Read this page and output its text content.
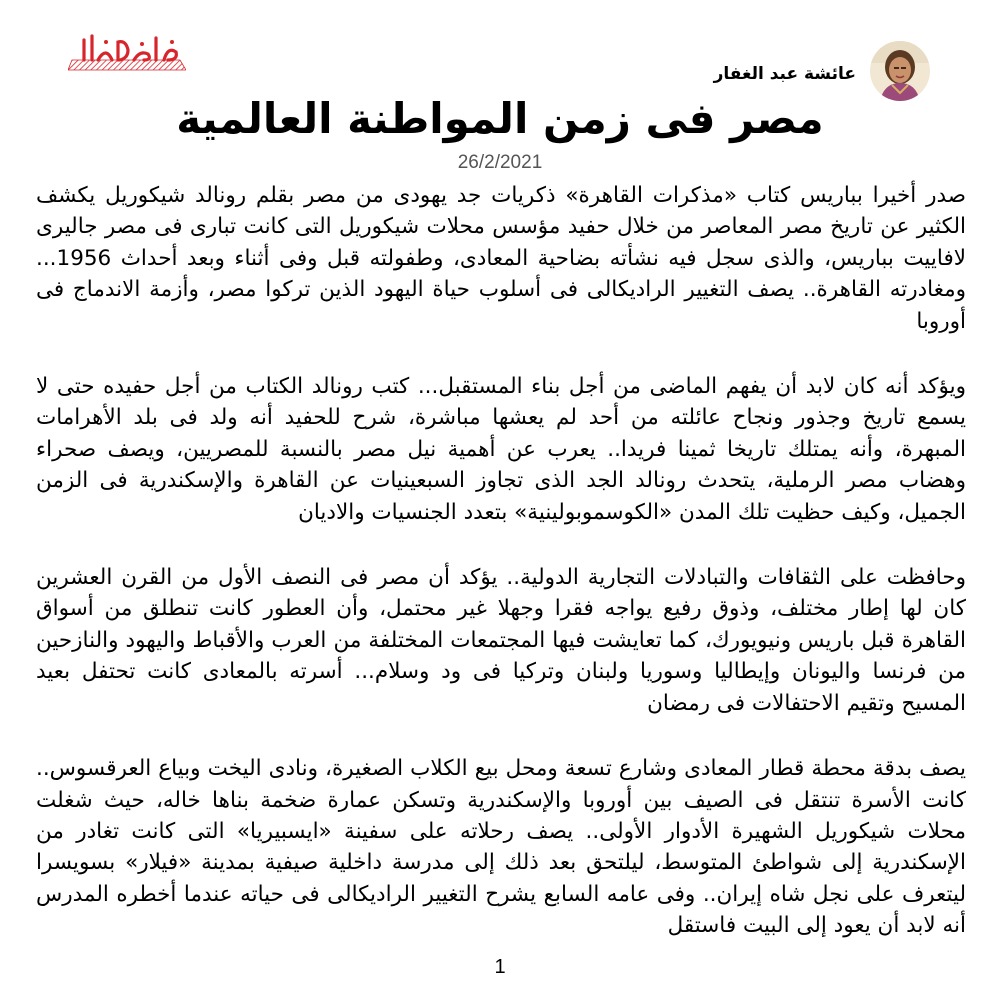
عائشة عبد الغفار
مصر فى زمن المواطنة العالمية
26/2/2021

صدر أخيرا بباريس كتاب «مذكرات القاهرة» ذكريات جد يهودى من مصر بقلم رونالد شيكوريل يكشف الكثير عن تاريخ مصر المعاصر من خلال حفيد مؤسس محلات شيكوريل التى كانت تبارى فى مصر جاليرى لافاييت بباريس، والذى سجل فيه نشأته بضاحية المعادى، وطفولته قبل وفى أثناء وبعد أحداث 1956... ومغادرته القاهرة.. يصف التغيير الراديكالى فى أسلوب حياة اليهود الذين تركوا مصر، وأزمة الاندماج فى أوروبا

ويؤكد أنه كان لابد أن يفهم الماضى من أجل بناء المستقبل... كتب رونالد الكتاب من أجل حفيده حتى لا يسمع تاريخ وجذور ونجاح عائلته من أحد لم يعشها مباشرة، شرح للحفيد أنه ولد فى بلد الأهرامات المبهرة، وأنه يمتلك تاريخا ثمينا فريدا.. يعرب عن أهمية نيل مصر بالنسبة للمصريين، ويصف صحراء وهضاب مصر الرملية، يتحدث رونالد الجد الذى تجاوز السبعينيات عن القاهرة والإسكندرية فى الزمن الجميل، وكيف حظيت تلك المدن «الكوسموبولينية» بتعدد الجنسيات والاديان

وحافظت على الثقافات والتبادلات التجارية الدولية.. يؤكد أن مصر فى النصف الأول من القرن العشرين كان لها إطار مختلف، وذوق رفيع يواجه فقرا وجهلا غير محتمل، وأن العطور كانت تنطلق من أسواق القاهرة قبل باريس ونيويورك، كما تعايشت فيها المجتمعات المختلفة من العرب والأقباط واليهود والنازحين من فرنسا واليونان وإيطاليا وسوريا ولبنان وتركيا فى ود وسلام... أسرته بالمعادى كانت تحتفل بعيد المسيح وتقيم الاحتفالات فى رمضان

يصف بدقة محطة قطار المعادى وشارع تسعة ومحل بيع الكلاب الصغيرة، ونادى اليخت وبياع العرقسوس.. كانت الأسرة تنتقل فى الصيف بين أوروبا والإسكندرية وتسكن عمارة ضخمة بناها خاله، حيث شغلت محلات شيكوريل الشهيرة الأدوار الأولى.. يصف رحلاته على سفينة «ايسبيريا» التى كانت تغادر من الإسكندرية إلى شواطئ المتوسط، ليلتحق بعد ذلك إلى مدرسة داخلية صيفية بمدينة «فيلار» بسويسرا ليتعرف على نجل شاه إيران.. وفى عامه السابع يشرح التغيير الراديكالى فى حياته عندما أخطره المدرس أنه لابد أن يعود إلى البيت فاستقل

1
